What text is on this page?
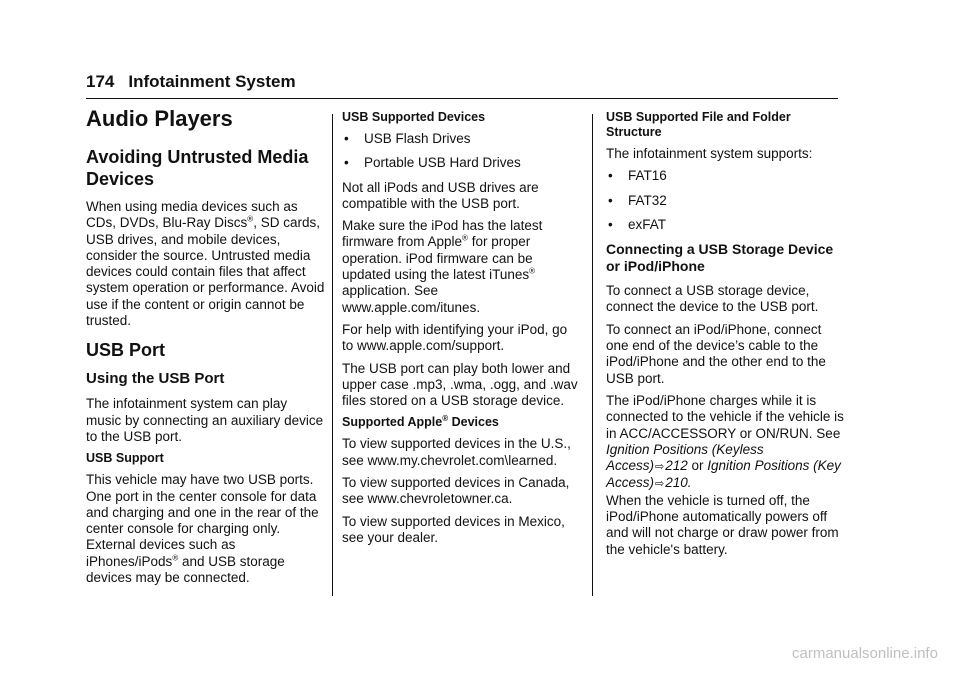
174 Infotainment System
Audio Players
Avoiding Untrusted Media Devices

When using media devices such as CDs, DVDs, Blu-Ray Discs®, SD cards, USB drives, and mobile devices, consider the source. Untrusted media devices could contain files that affect system operation or performance. Avoid use if the content or origin cannot be trusted.

USB Port
Using the USB Port

The infotainment system can play music by connecting an auxiliary device to the USB port.

USB Support

This vehicle may have two USB ports. One port in the center console for data and charging and one in the rear of the center console for charging only. External devices such as iPhones/iPods® and USB storage devices may be connected.

USB Supported Devices
• USB Flash Drives
• Portable USB Hard Drives

Not all iPods and USB drives are compatible with the USB port.

Make sure the iPod has the latest firmware from Apple® for proper operation. iPod firmware can be updated using the latest iTunes® application. See www.apple.com/itunes.

For help with identifying your iPod, go to www.apple.com/support.

The USB port can play both lower and upper case .mp3, .wma, .ogg, and .wav files stored on a USB storage device.

Supported Apple® Devices

To view supported devices in the U.S., see www.my.chevrolet.com\learned.

To view supported devices in Canada, see www.chevroletowner.ca.

To view supported devices in Mexico, see your dealer.

USB Supported File and Folder Structure

The infotainment system supports:

• FAT16
• FAT32
• exFAT
Connecting a USB Storage Device or iPod/iPhone

To connect a USB storage device, connect the device to the USB port.

To connect an iPod/iPhone, connect one end of the device’s cable to the iPod/iPhone and the other end to the USB port.

The iPod/iPhone charges while it is connected to the vehicle if the vehicle is in ACC/ACCESSORY or ON/RUN. See Ignition Positions (Keyless Access)⇨212 or Ignition Positions (Key Access)⇨210.
When the vehicle is turned off, the iPod/iPhone automatically powers off and will not charge or draw power from the vehicle's battery.

carmanualsonline.info
